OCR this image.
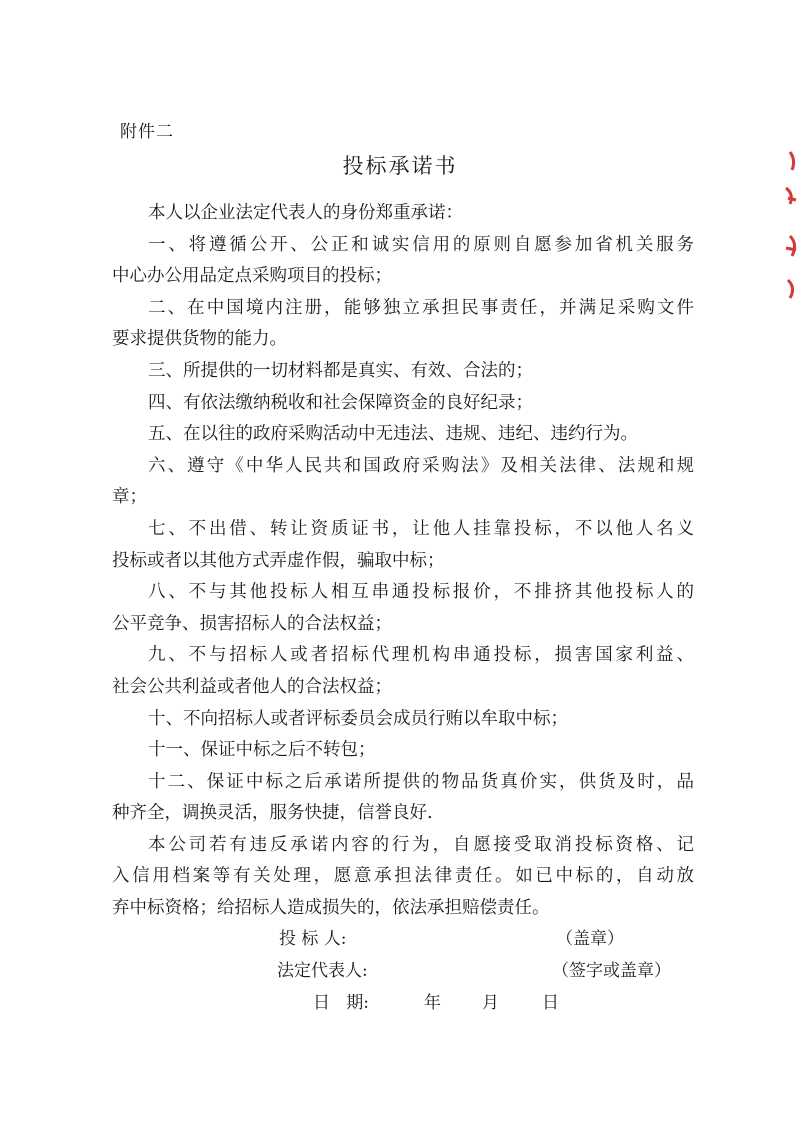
附件二
投标承诺书
本人以企业法定代表人的身份郑重承诺：
一、将遵循公开、公正和诚实信用的原则自愿参加省机关服务
中心办公用品定点采购项目的投标；
二、在中国境内注册，能够独立承担民事责任，并满足采购文件
要求提供货物的能力。
三、所提供的一切材料都是真实、有效、合法的；
四、有依法缴纳税收和社会保障资金的良好纪录；
五、在以往的政府采购活动中无违法、违规、违纪、违约行为。
六、遵守《中华人民共和国政府采购法》及相关法律、法规和规
章；
七、不出借、转让资质证书，让他人挂靠投标，不以他人名义
投标或者以其他方式弄虚作假，骗取中标；
八、不与其他投标人相互串通投标报价，不排挤其他投标人的
公平竞争、损害招标人的合法权益；
九、不与招标人或者招标代理机构串通投标，损害国家利益、
社会公共利益或者他人的合法权益；
十、不向招标人或者评标委员会成员行贿以牟取中标；
十一、保证中标之后不转包；
十二、保证中标之后承诺所提供的物品货真价实，供货及时，品
种齐全，调换灵活，服务快捷，信誉良好.
本公司若有违反承诺内容的行为，自愿接受取消投标资格、记
入信用档案等有关处理，愿意承担法律责任。如已中标的，自动放
弃中标资格；给招标人造成损失的，依法承担赔偿责任。
投 标 人:	（盖章）
法定代表人:	（签字或盖章）
日   期:	年 月	日
